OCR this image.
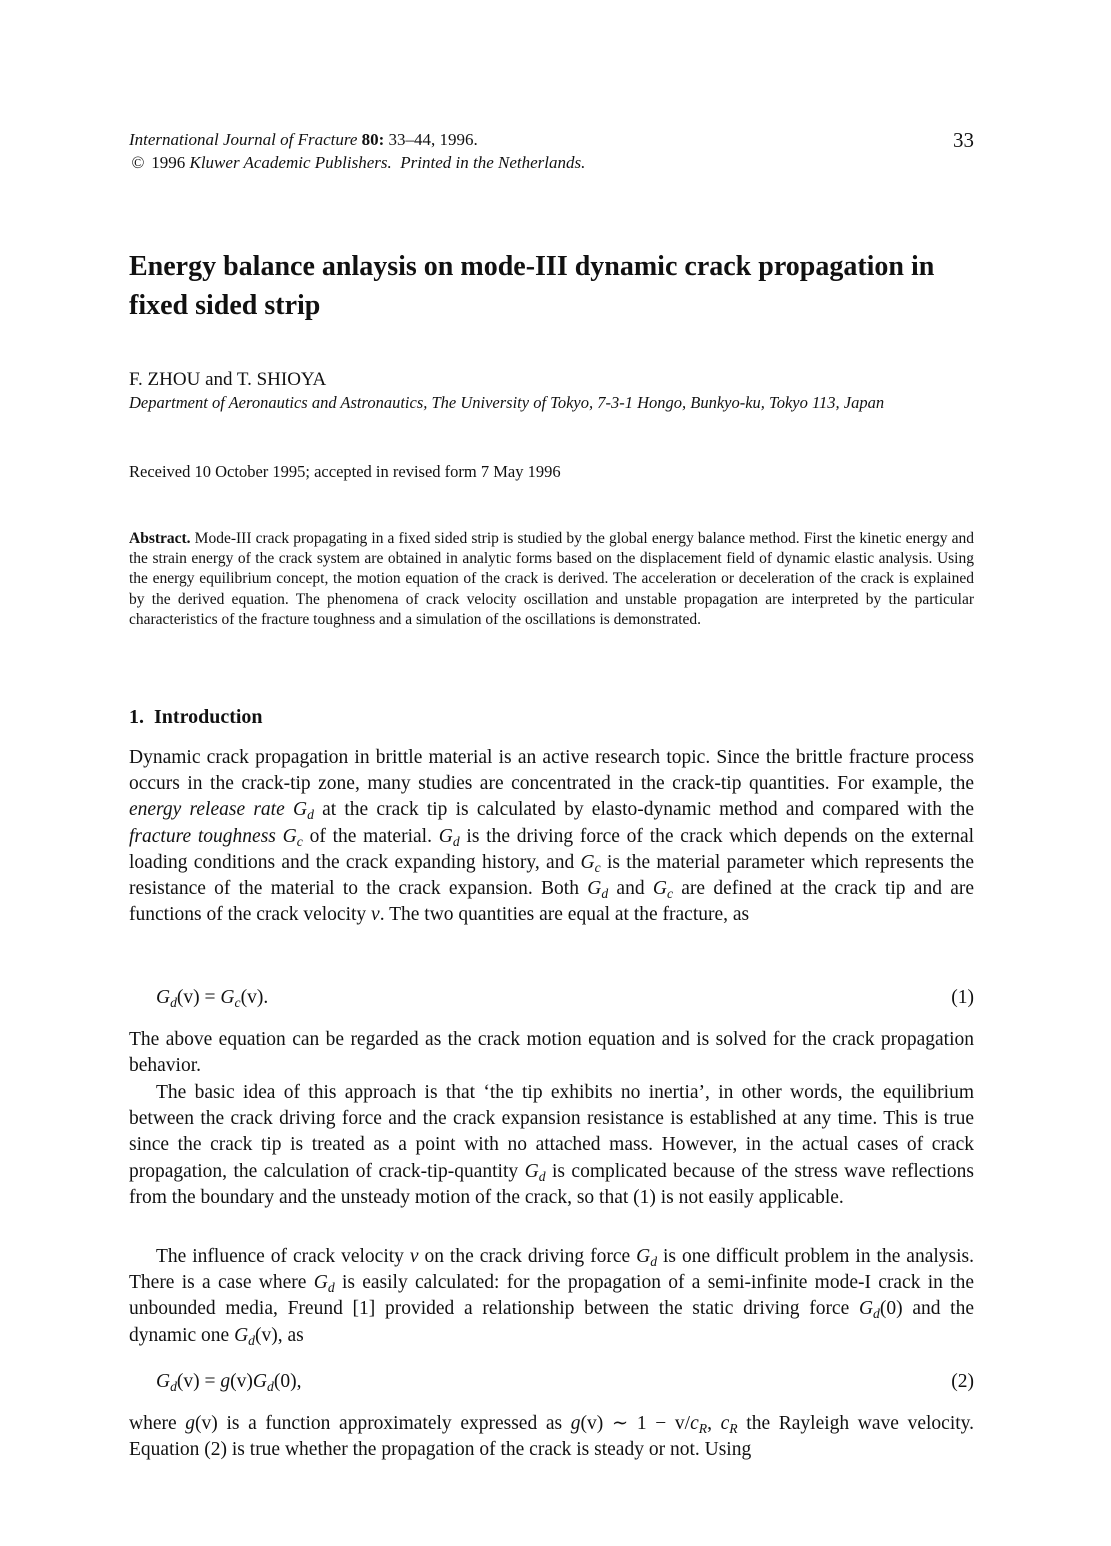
International Journal of Fracture 80: 33–44, 1996.
© 1996 Kluwer Academic Publishers. Printed in the Netherlands.
33
Energy balance anlaysis on mode-III dynamic crack propagation in fixed sided strip
F. ZHOU and T. SHIOYA
Department of Aeronautics and Astronautics, The University of Tokyo, 7-3-1 Hongo, Bunkyo-ku, Tokyo 113, Japan
Received 10 October 1995; accepted in revised form 7 May 1996

Abstract. Mode-III crack propagating in a fixed sided strip is studied by the global energy balance method. First the kinetic energy and the strain energy of the crack system are obtained in analytic forms based on the displacement field of dynamic elastic analysis. Using the energy equilibrium concept, the motion equation of the crack is derived. The acceleration or deceleration of the crack is explained by the derived equation. The phenomena of crack velocity oscillation and unstable propagation are interpreted by the particular characteristics of the fracture toughness and a simulation of the oscillations is demonstrated.

1. Introduction

Dynamic crack propagation in brittle material is an active research topic. Since the brittle fracture process occurs in the crack-tip zone, many studies are concentrated in the crack-tip quantities. For example, the energy release rate $G_d$ at the crack tip is calculated by elasto-dynamic method and compared with the fracture toughness $G_c$ of the material. $G_d$ is the driving force of the crack which depends on the external loading conditions and the crack expanding history, and $G_c$ is the material parameter which represents the resistance of the material to the crack expansion. Both $G_d$ and $G_c$ are defined at the crack tip and are functions of the crack velocity v. The two quantities are equal at the fracture, as

$G_d(v) = G_c(v)$.	(1)

The above equation can be regarded as the crack motion equation and is solved for the crack propagation behavior.

The basic idea of this approach is that ‘the tip exhibits no inertia’, in other words, the equilibrium between the crack driving force and the crack expansion resistance is established at any time. This is true since the crack tip is treated as a point with no attached mass. However, in the actual cases of crack propagation, the calculation of crack-tip-quantity $G_d$ is complicated because of the stress wave reflections from the boundary and the unsteady motion of the crack, so that (1) is not easily applicable.

The influence of crack velocity v on the crack driving force $G_d$ is one difficult problem in the analysis. There is a case where $G_d$ is easily calculated: for the propagation of a semi-infinite mode-I crack in the unbounded media, Freund [1] provided a relationship between the static driving force $G_d(0)$ and the dynamic one $G_d(v)$, as

$G_d(v) = g(v)G_d(0)$,	(2)

where g(v) is a function approximately expressed as g(v) ∼ $1 - v/c_R$, $c_R$ the Rayleigh wave velocity. Equation (2) is true whether the propagation of the crack is steady or not. Using
